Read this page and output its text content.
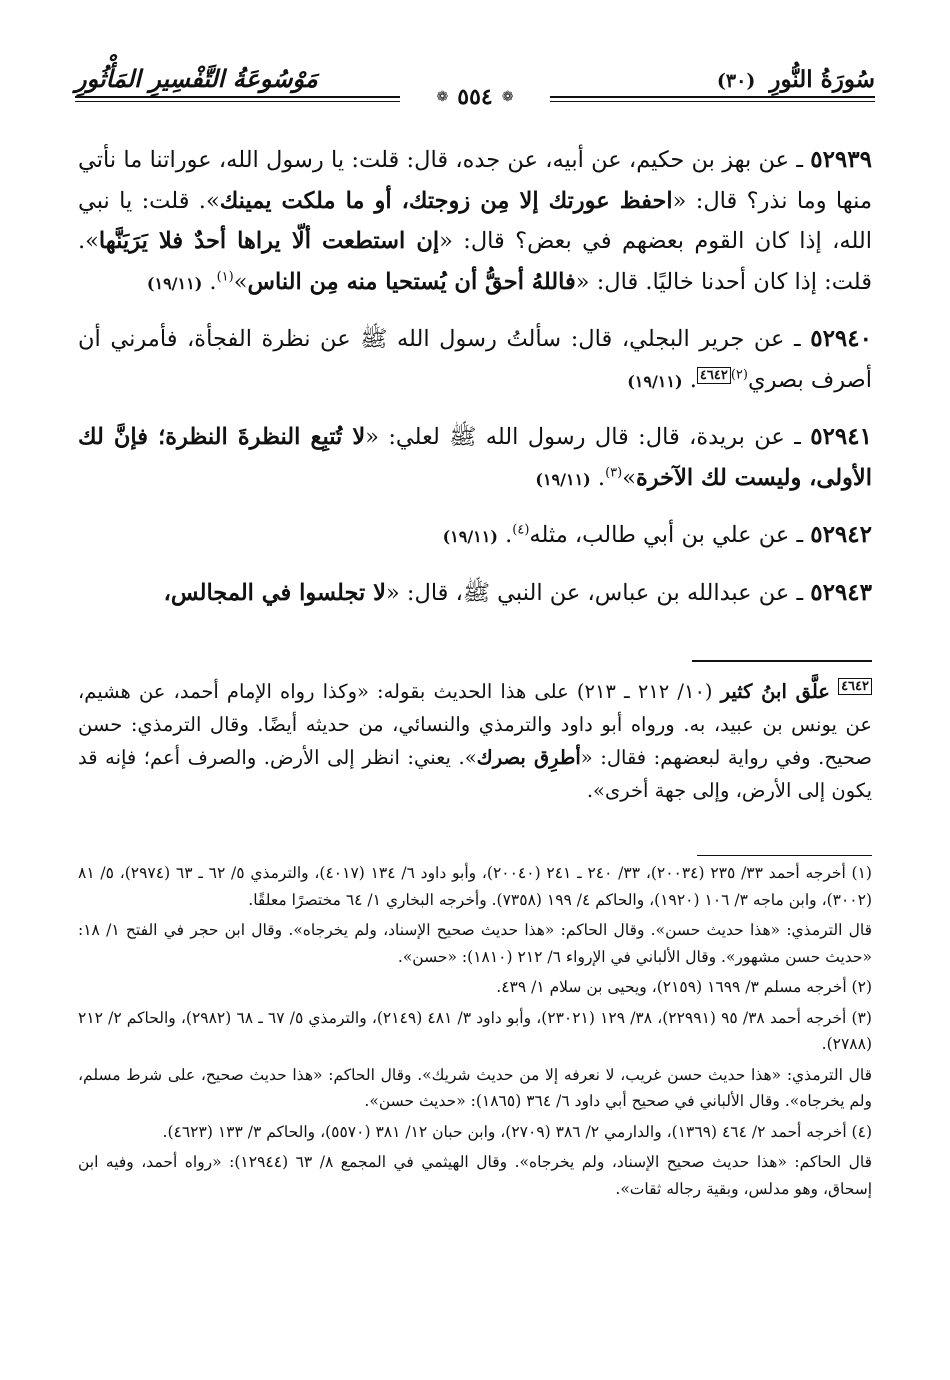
سُورَةُ النُّورِ (٣٠)
مَوْسُوعَةُ التَّفْسِيرِ المَأْثُورِ
❁ ٥٥٤ ❁

٥٢٩٣٩ ـ عن بهز بن حكيم، عن أبيه، عن جده، قال: قلت: يا رسول الله، عوراتنا ما نأتي منها وما نذر؟ قال: «احفظ عورتك إلا مِن زوجتك، أو ما ملكت يمينك». قلت: يا نبي الله، إذا كان القوم بعضهم في بعض؟ قال: «إن استطعت ألّا يراها أحدٌ فلا يَرَيَنَّها». قلت: إذا كان أحدنا خاليًا. قال: «فاللهُ أحقُّ أن يُستحيا منه مِن الناس»$^{(١)}$. (١٩/١١)

٥٢٩٤٠ ـ عن جرير البجلي، قال: سألتُ رسول الله ﷺ عن نظرة الفجأة، فأمرني أن أصرف بصري$^{(٢)}$٤٦٤٢. (١٩/١١)

٥٢٩٤١ ـ عن بريدة، قال: قال رسول الله ﷺ لعلي: «لا تُتبِع النظرةَ النظرة؛ فإنَّ لك الأولى، وليست لك الآخرة»$^{(٣)}$. (١٩/١١)

٥٢٩٤٢ ـ عن علي بن أبي طالب، مثله$^{(٤)}$. (١٩/١١)

٥٢٩٤٣ ـ عن عبدالله بن عباس، عن النبي ﷺ، قال: «لا تجلسوا في المجالس،

٤٦٤٢ علَّق ابنُ كثير (١٠/ ٢١٢ ـ ٢١٣) على هذا الحديث بقوله: «وكذا رواه الإمام أحمد، عن هشيم، عن يونس بن عبيد، به. ورواه أبو داود والترمذي والنسائي، من حديثه أيضًا. وقال الترمذي: حسن صحيح. وفي رواية لبعضهم: فقال: «أطرِق بصرك». يعني: انظر إلى الأرض. والصرف أعم؛ فإنه قد يكون إلى الأرض، وإلى جهة أخرى».

(١) أخرجه أحمد ٣٣/ ٢٣٥ (٢٠٠٣٤)، ٣٣/ ٢٤٠ ـ ٢٤١ (٢٠٠٤٠)، وأبو داود ٦/ ١٣٤ (٤٠١٧)، والترمذي ٥/ ٦٢ ـ ٦٣ (٢٩٧٤)، ٥/ ٨١ (٣٠٠٢)، وابن ماجه ٣/ ١٠٦ (١٩٢٠)، والحاكم ٤/ ١٩٩ (٧٣٥٨). وأخرجه البخاري ١/ ٦٤ مختصرًا معلقًا.

قال الترمذي: «هذا حديث حسن». وقال الحاكم: «هذا حديث صحيح الإسناد، ولم يخرجاه». وقال ابن حجر في الفتح ١/ ١٨: «حديث حسن مشهور». وقال الألباني في الإرواء ٦/ ٢١٢ (١٨١٠): «حسن».

(٢) أخرجه مسلم ٣/ ١٦٩٩ (٢١٥٩)، ويحيى بن سلام ١/ ٤٣٩.

(٣) أخرجه أحمد ٣٨/ ٩٥ (٢٢٩٩١)، ٣٨/ ١٢٩ (٢٣٠٢١)، وأبو داود ٣/ ٤٨١ (٢١٤٩)، والترمذي ٥/ ٦٧ ـ ٦٨ (٢٩٨٢)، والحاكم ٢/ ٢١٢ (٢٧٨٨).

قال الترمذي: «هذا حديث حسن غريب، لا نعرفه إلا من حديث شريك». وقال الحاكم: «هذا حديث صحيح، على شرط مسلم، ولم يخرجاه». وقال الألباني في صحيح أبي داود ٦/ ٣٦٤ (١٨٦٥): «حديث حسن».

(٤) أخرجه أحمد ٢/ ٤٦٤ (١٣٦٩)، والدارمي ٢/ ٣٨٦ (٢٧٠٩)، وابن حبان ١٢/ ٣٨١ (٥٥٧٠)، والحاكم ٣/ ١٣٣ (٤٦٢٣).

قال الحاكم: «هذا حديث صحيح الإسناد، ولم يخرجاه». وقال الهيثمي في المجمع ٨/ ٦٣ (١٢٩٤٤): «رواه أحمد، وفيه ابن إسحاق، وهو مدلس، وبقية رجاله ثقات».
